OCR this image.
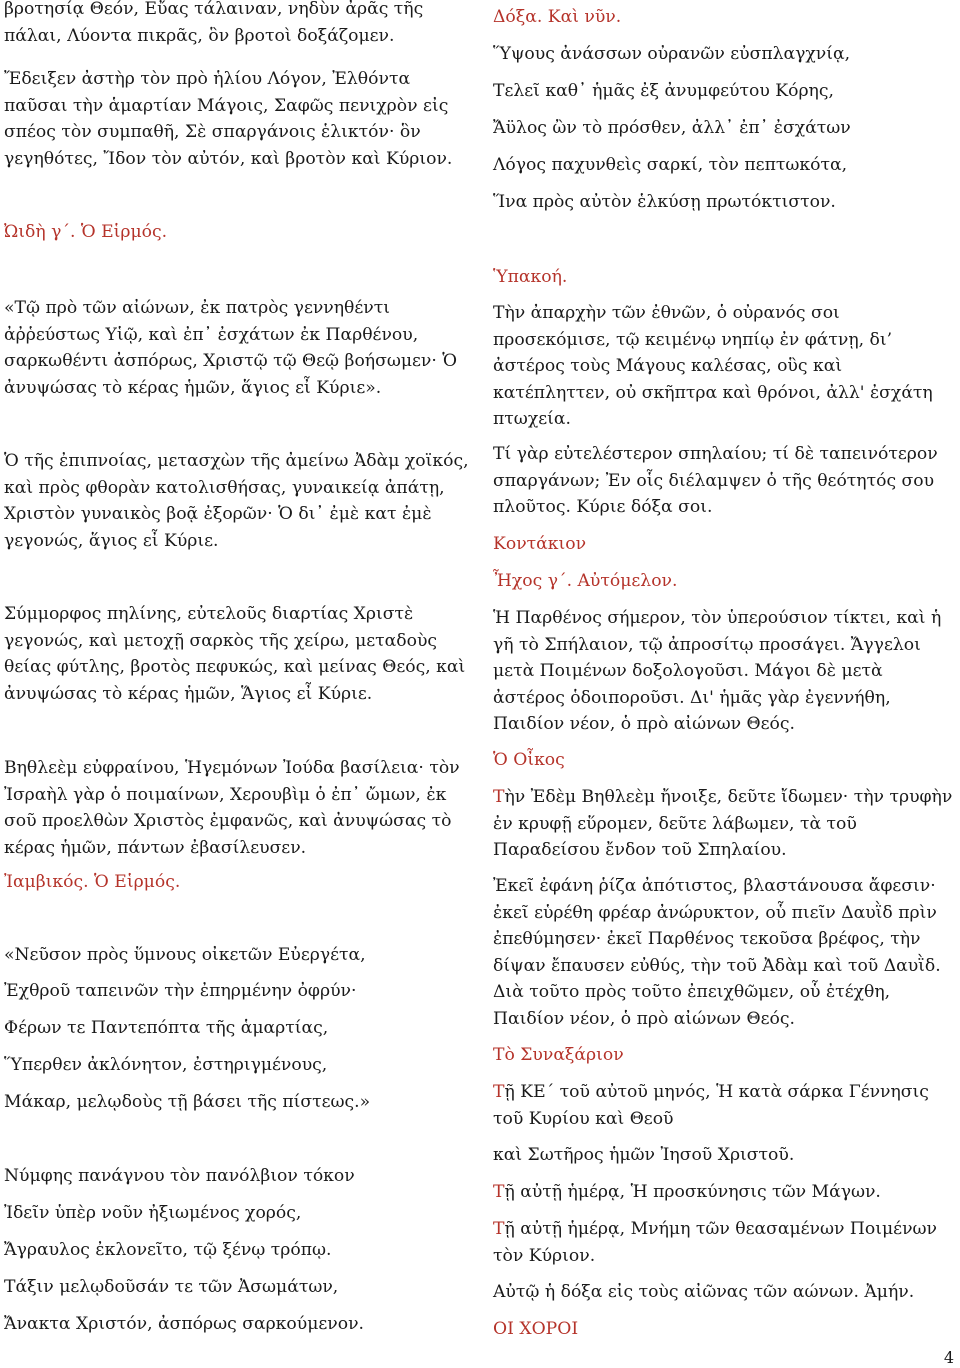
βροτησίᾳ Θεόν, Εὔας τάλαιναν, νηδὺν ἀρᾶς τῆς πάλαι, Λύοντα πικρᾶς, ὃν βροτοὶ δοξάζομεν.

Ἔδειξεν ἀστὴρ τὸν πρὸ ἡλίου Λόγον, Ἐλθόντα παῦσαι τὴν ἁμαρτίαν Μάγοις, Σαφῶς πενιχρὸν εἰς σπέος τὸν συμπαθῆ, Σὲ σπαργάνοις ἑλικτόν· ὃν γεγηθότες, Ἴδον τὸν αὐτόν, καὶ βροτὸν καὶ Κύριον.

Ὠιδὴ γ΄. Ὁ Εἱρμός.

«Τῷ πρὸ τῶν αἰώνων, ἐκ πατρὸς γεννηθέντι ἀῤῥεύστως Υἱῷ, καὶ ἐπ᾽ ἐσχάτων ἐκ Παρθένου, σαρκωθέντι ἀσπόρως, Χριστῷ τῷ Θεῷ βοήσωμεν· Ὁ ἀνυψώσας τὸ κέρας ἡμῶν, ἅγιος εἶ Κύριε».

Ὁ τῆς ἐπιπνοίας, μετασχὼν τῆς ἀμείνω Ἀδὰμ χοϊκός, καὶ πρὸς φθορὰν κατολισθήσας, γυναικείᾳ ἀπάτῃ, Χριστὸν γυναικὸς βοᾷ ἐξορῶν· Ὁ δι᾽ ἐμὲ κατ ἐμὲ γεγονώς, ἅγιος εἶ Κύριε.

Σύμμορφος πηλίνης, εὐτελοῦς διαρτίας Χριστὲ γεγονώς, καὶ μετοχῇ σαρκὸς τῆς χείρω, μεταδοὺς θείας φύτλης, βροτὸς πεφυκώς, καὶ μείνας Θεός, καὶ ἀνυψώσας τὸ κέρας ἡμῶν, Ἅγιος εἶ Κύριε.

Βηθλεὲμ εὐφραίνου, Ἡγεμόνων Ἰούδα βασίλεια· τὸν Ἰσραὴλ γὰρ ὁ ποιμαίνων, Χερουβὶμ ὁ ἐπ᾽ ὤμων, ἐκ σοῦ προελθὼν Χριστὸς ἐμφανῶς, καὶ ἀνυψώσας τὸ κέρας ἡμῶν, πάντων ἐβασίλευσεν.

Ἰαμβικός. Ὁ Εἱρμός.

«Νεῦσον πρὸς ὕμνους οἰκετῶν Εὐεργέτα,

Ἐχθροῦ ταπεινῶν τὴν ἐπηρμένην ὀφρύν·

Φέρων τε Παντεπόπτα τῆς ἁμαρτίας,

Ὕπερθεν ἀκλόνητον, ἐστηριγμένους,

Μάκαρ, μελῳδοὺς τῇ βάσει τῆς πίστεως.»

Νύμφης πανάγνου τὸν πανόλβιον τόκον

Ἰδεῖν ὑπὲρ νοῦν ἠξιωμένος χορός,

Ἄγραυλος ἐκλονεῖτο, τῷ ξένῳ τρόπῳ.

Τάξιν μελῳδοῦσάν τε τῶν Ἀσωμάτων,

Ἄνακτα Χριστόν, ἀσπόρως σαρκούμενον.

Δόξα. Καὶ νῦν.

Ὕψους ἀνάσσων οὐρανῶν εὐσπλαγχνίᾳ,

Τελεῖ καθ᾽ ἡμᾶς ἐξ ἀνυμφεύτου Κόρης,

Ἄϋλος ὢν τὸ πρόσθεν, ἀλλ᾽ ἐπ᾽ ἐσχάτων

Λόγος παχυνθεὶς σαρκί, τὸν πεπτωκότα,

Ἵνα πρὸς αὐτὸν ἑλκύσῃ πρωτόκτιστον.

Ὑπακοή.

Τὴν ἀπαρχὴν τῶν ἐθνῶν, ὁ οὐρανός σοι προσεκόμισε, τῷ κειμένῳ νηπίῳ ἐν φάτνῃ, δι’ ἀστέρος τοὺς Μάγους καλέσας, οὓς καὶ κατέπληττεν, οὐ σκῆπτρα καὶ θρόνοι, ἀλλ' ἐσχάτη πτωχεία.

Τί γὰρ εὐτελέστερον σπηλαίου; τί δὲ ταπεινότερον σπαργάνων; Ἐν οἷς διέλαμψεν ὁ τῆς θεότητός σου πλοῦτος. Κύριε δόξα σοι.

Κοντάκιον

Ἦχος γ΄. Αὐτόμελον.

Ἡ Παρθένος σήμερον, τὸν ὑπερούσιον τίκτει, καὶ ἡ γῆ τὸ Σπήλαιον, τῷ ἀπροσίτῳ προσάγει. Ἄγγελοι μετὰ Ποιμένων δοξολογοῦσι. Μάγοι δὲ μετὰ ἀστέρος ὁδοιποροῦσι. Δι' ἡμᾶς γὰρ ἐγεννήθη, Παιδίον νέον, ὁ πρὸ αἰώνων Θεός.

Ὁ Οἶκος

Τὴν Ἐδὲμ Βηθλεὲμ ἤνοιξε, δεῦτε ἴδωμεν· τὴν τρυφὴν ἐν κρυφῇ εὕρομεν, δεῦτε λάβωμεν, τὰ τοῦ Παραδείσου ἔνδον τοῦ Σπηλαίου.

Ἐκεῖ ἐφάνη ῥίζα ἀπότιστος, βλαστάνουσα ἄφεσιν· ἐκεῖ εὑρέθη φρέαρ ἀνώρυκτον, οὗ πιεῖν Δαυῒδ πρὶν ἐπεθύμησεν· ἐκεῖ Παρθένος τεκοῦσα βρέφος, τὴν δίψαν ἔπαυσεν εὐθύς, τὴν τοῦ Ἀδὰμ καὶ τοῦ Δαυῒδ. Διὰ τοῦτο πρὸς τοῦτο ἐπειχθῶμεν, οὗ ἐτέχθη, Παιδίον νέον, ὁ πρὸ αἰώνων Θεός.

Τὸ Συναξάριον

Τῇ ΚΕ΄ τοῦ αὐτοῦ μηνός, Ἡ κατὰ σάρκα Γέννησις τοῦ Κυρίου καὶ Θεοῦ

καὶ Σωτῆρος ἡμῶν Ἰησοῦ Χριστοῦ.

Τῇ αὐτῇ ἡμέρᾳ, Ἡ προσκύνησις τῶν Μάγων.

Τῇ αὐτῇ ἡμέρᾳ, Μνήμη τῶν θεασαμένων Ποιμένων τὸν Κύριον.

Αὐτῷ ἡ δόξα εἰς τοὺς αἰῶνας τῶν αώνων. Ἀμήν.

ΟΙ ΧΟΡΟΙ

4
